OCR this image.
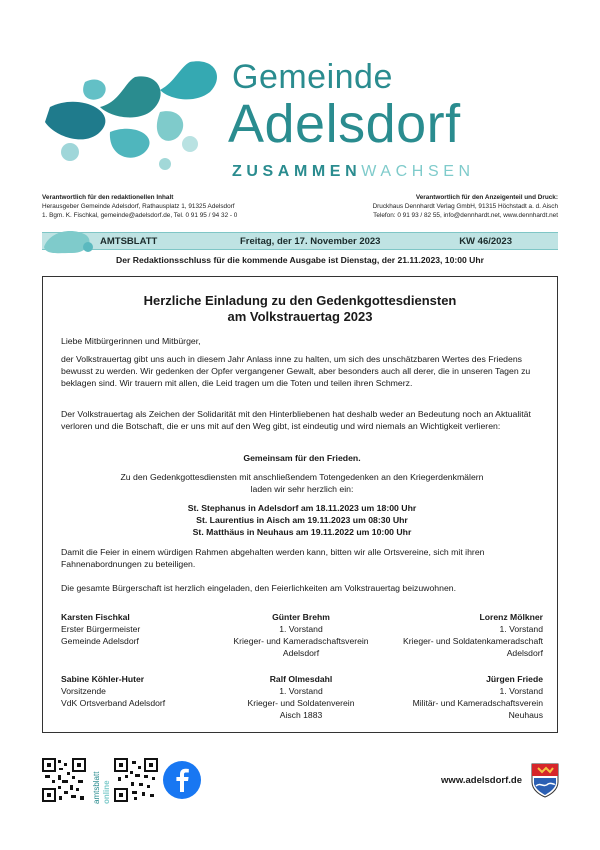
Gemeinde
Adelsdorf
ZUSAMMENWACHSEN
Verantwortlich für den redaktionellen Inhalt
Herausgeber Gemeinde Adelsdorf, Rathausplatz 1, 91325 Adelsdorf
1. Bgm. K. Fischkal, gemeinde@adelsdorf.de, Tel. 0 91 95 / 94 32 - 0
Verantwortlich für den Anzeigenteil und Druck:
Druckhaus Dennhardt Verlag GmbH, 91315 Höchstadt a. d. Aisch
Telefon: 0 91 93 / 82 55, info@dennhardt.net, www.dennhardt.net
AMTSBLATT	Freitag, der 17. November 2023	KW 46/2023
Der Redaktionsschluss für die kommende Ausgabe ist Dienstag, der 21.11.2023, 10:00 Uhr
Herzliche Einladung zu den Gedenkgottesdiensten
am Volkstrauertag 2023
Liebe Mitbürgerinnen und Mitbürger,
der Volkstrauertag gibt uns auch in diesem Jahr Anlass inne zu halten, um sich des unschätzbaren Wertes des Friedens bewusst zu werden. Wir gedenken der Opfer vergangener Gewalt, aber besonders auch all derer, die in unseren Tagen zu beklagen sind. Wir trauern mit allen, die Leid tragen um die Toten und teilen ihren Schmerz.
Der Volkstrauertag als Zeichen der Solidarität mit den Hinterbliebenen hat deshalb weder an Bedeutung noch an Aktualität verloren und die Botschaft, die er uns mit auf den Weg gibt, ist eindeutig und wird niemals an Wichtigkeit verlieren:
Gemeinsam für den Frieden.
Zu den Gedenkgottesdiensten mit anschließendem Totengedenken an den Kriegerdenkmälern
laden wir sehr herzlich ein:
St. Stephanus in Adelsdorf am 18.11.2023 um 18:00 Uhr
St. Laurentius in Aisch am 19.11.2023 um 08:30 Uhr
St. Matthäus in Neuhaus am 19.11.2022 um 10:00 Uhr
Damit die Feier in einem würdigen Rahmen abgehalten werden kann, bitten wir alle Ortsvereine, sich mit ihren Fahnenabordnungen zu beteiligen.
Die gesamte Bürgerschaft ist herzlich eingeladen, den Feierlichkeiten am Volkstrauertag beizuwohnen.
Karsten Fischkal
Erster Bürgermeister
Gemeinde Adelsdorf
Günter Brehm
1. Vorstand
Krieger- und Kameradschaftsverein
Adelsdorf
Lorenz Mölkner
1. Vorstand
Krieger- und Soldatenkameradschaft
Adelsdorf
Sabine Köhler-Huter
Vorsitzende
VdK Ortsverband Adelsdorf
Ralf Olmesdahl
1. Vorstand
Krieger- und Soldatenverein
Aisch 1883
Jürgen Friede
1. Vorstand
Militär- und Kameradschaftsverein
Neuhaus
amtsblatt online	www.adelsdorf.de
